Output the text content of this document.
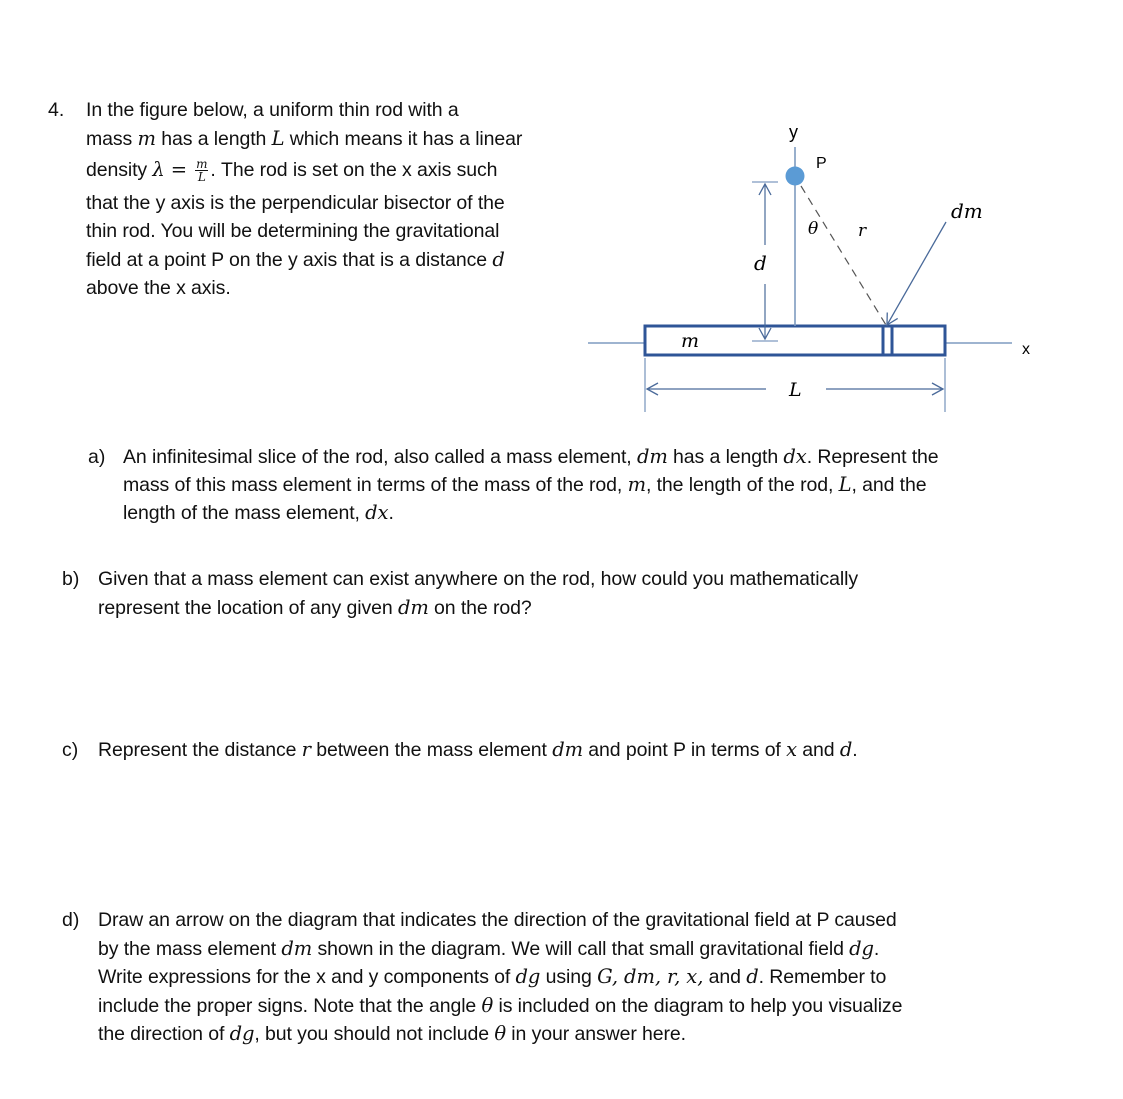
4. In the figure below, a uniform thin rod with a
mass m has a length L which means it has a linear
density $\lambda = \frac{m}{L}$ . The rod is set on the x axis such
that the y axis is the perpendicular bisector of the
thin rod. You will be determining the gravitational
field at a point P on the y axis that is a distance d
above the x axis.
y
P
dm
θ r
d
m	x
L
a) An infinitesimal slice of the rod, also called a mass element, dm has a length dx. Represent the
mass of this mass element in terms of the mass of the rod, m, the length of the rod, L, and the
length of the mass element, dx.
b) Given that a mass element can exist anywhere on the rod, how could you mathematically
represent the location of any given dm on the rod?
c) Represent the distance r between the mass element dm and point P in terms of x and d.
d) Draw an arrow on the diagram that indicates the direction of the gravitational field at P caused
by the mass element dm shown in the diagram. We will call that small gravitational field dg.
Write expressions for the x and y components of dg using G, dm, r, x, and d. Remember to
include the proper signs. Note that the angle θ is included on the diagram to help you visualize
the direction of dg, but you should not include θ in your answer here.
